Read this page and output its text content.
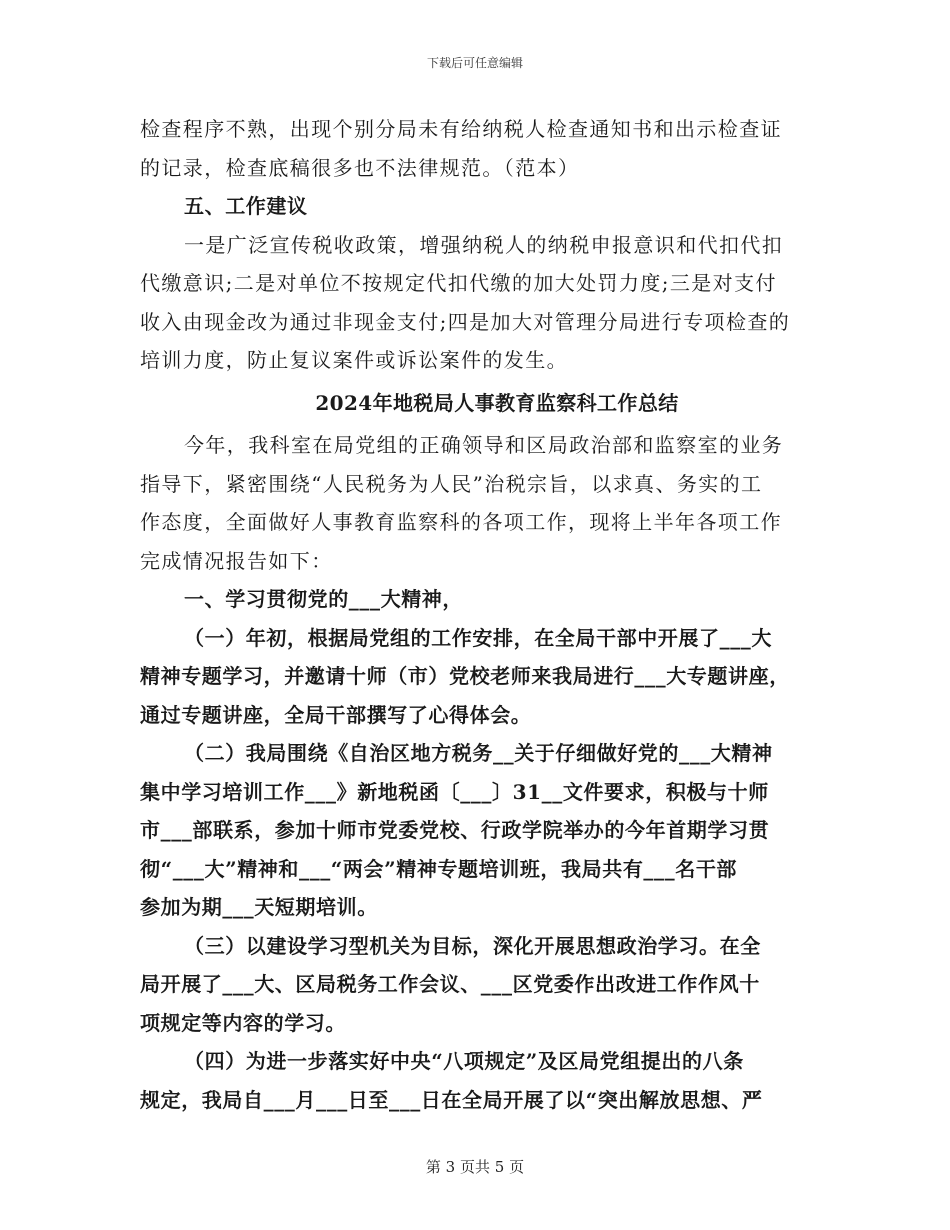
下载后可任意编辑
检查程序不熟，出现个别分局未有给纳税人检查通知书和出示检查证
的记录，检查底稿很多也不法律规范。（范本）
五、工作建议
一是广泛宣传税收政策，增强纳税人的纳税申报意识和代扣代扣
代缴意识;二是对单位不按规定代扣代缴的加大处罚力度;三是对支付
收入由现金改为通过非现金支付;四是加大对管理分局进行专项检查的
培训力度，防止复议案件或诉讼案件的发生。
2024年地税局人事教育监察科工作总结
今年，我科室在局党组的正确领导和区局政治部和监察室的业务
指导下，紧密围绕“人民税务为人民”治税宗旨，以求真、务实的工
作态度，全面做好人事教育监察科的各项工作，现将上半年各项工作
完成情况报告如下：
一、学习贯彻党的___大精神，
（一）年初，根据局党组的工作安排，在全局干部中开展了___大
精神专题学习，并邀请十师（市）党校老师来我局进行___大专题讲座，
通过专题讲座，全局干部撰写了心得体会。
（二）我局围绕《自治区地方税务__关于仔细做好党的___大精神
集中学习培训工作___》新地税函〔___〕31__文件要求，积极与十师
市___部联系，参加十师市党委党校、行政学院举办的今年首期学习贯
彻“___大”精神和___“两会”精神专题培训班，我局共有___名干部
参加为期___天短期培训。
（三）以建设学习型机关为目标，深化开展思想政治学习。在全
局开展了___大、区局税务工作会议、___区党委作出改进工作作风十
项规定等内容的学习。
（四）为进一步落实好中央“八项规定”及区局党组提出的八条
规定，我局自___月___日至___日在全局开展了以“突出解放思想、严
第 3 页共 5 页
